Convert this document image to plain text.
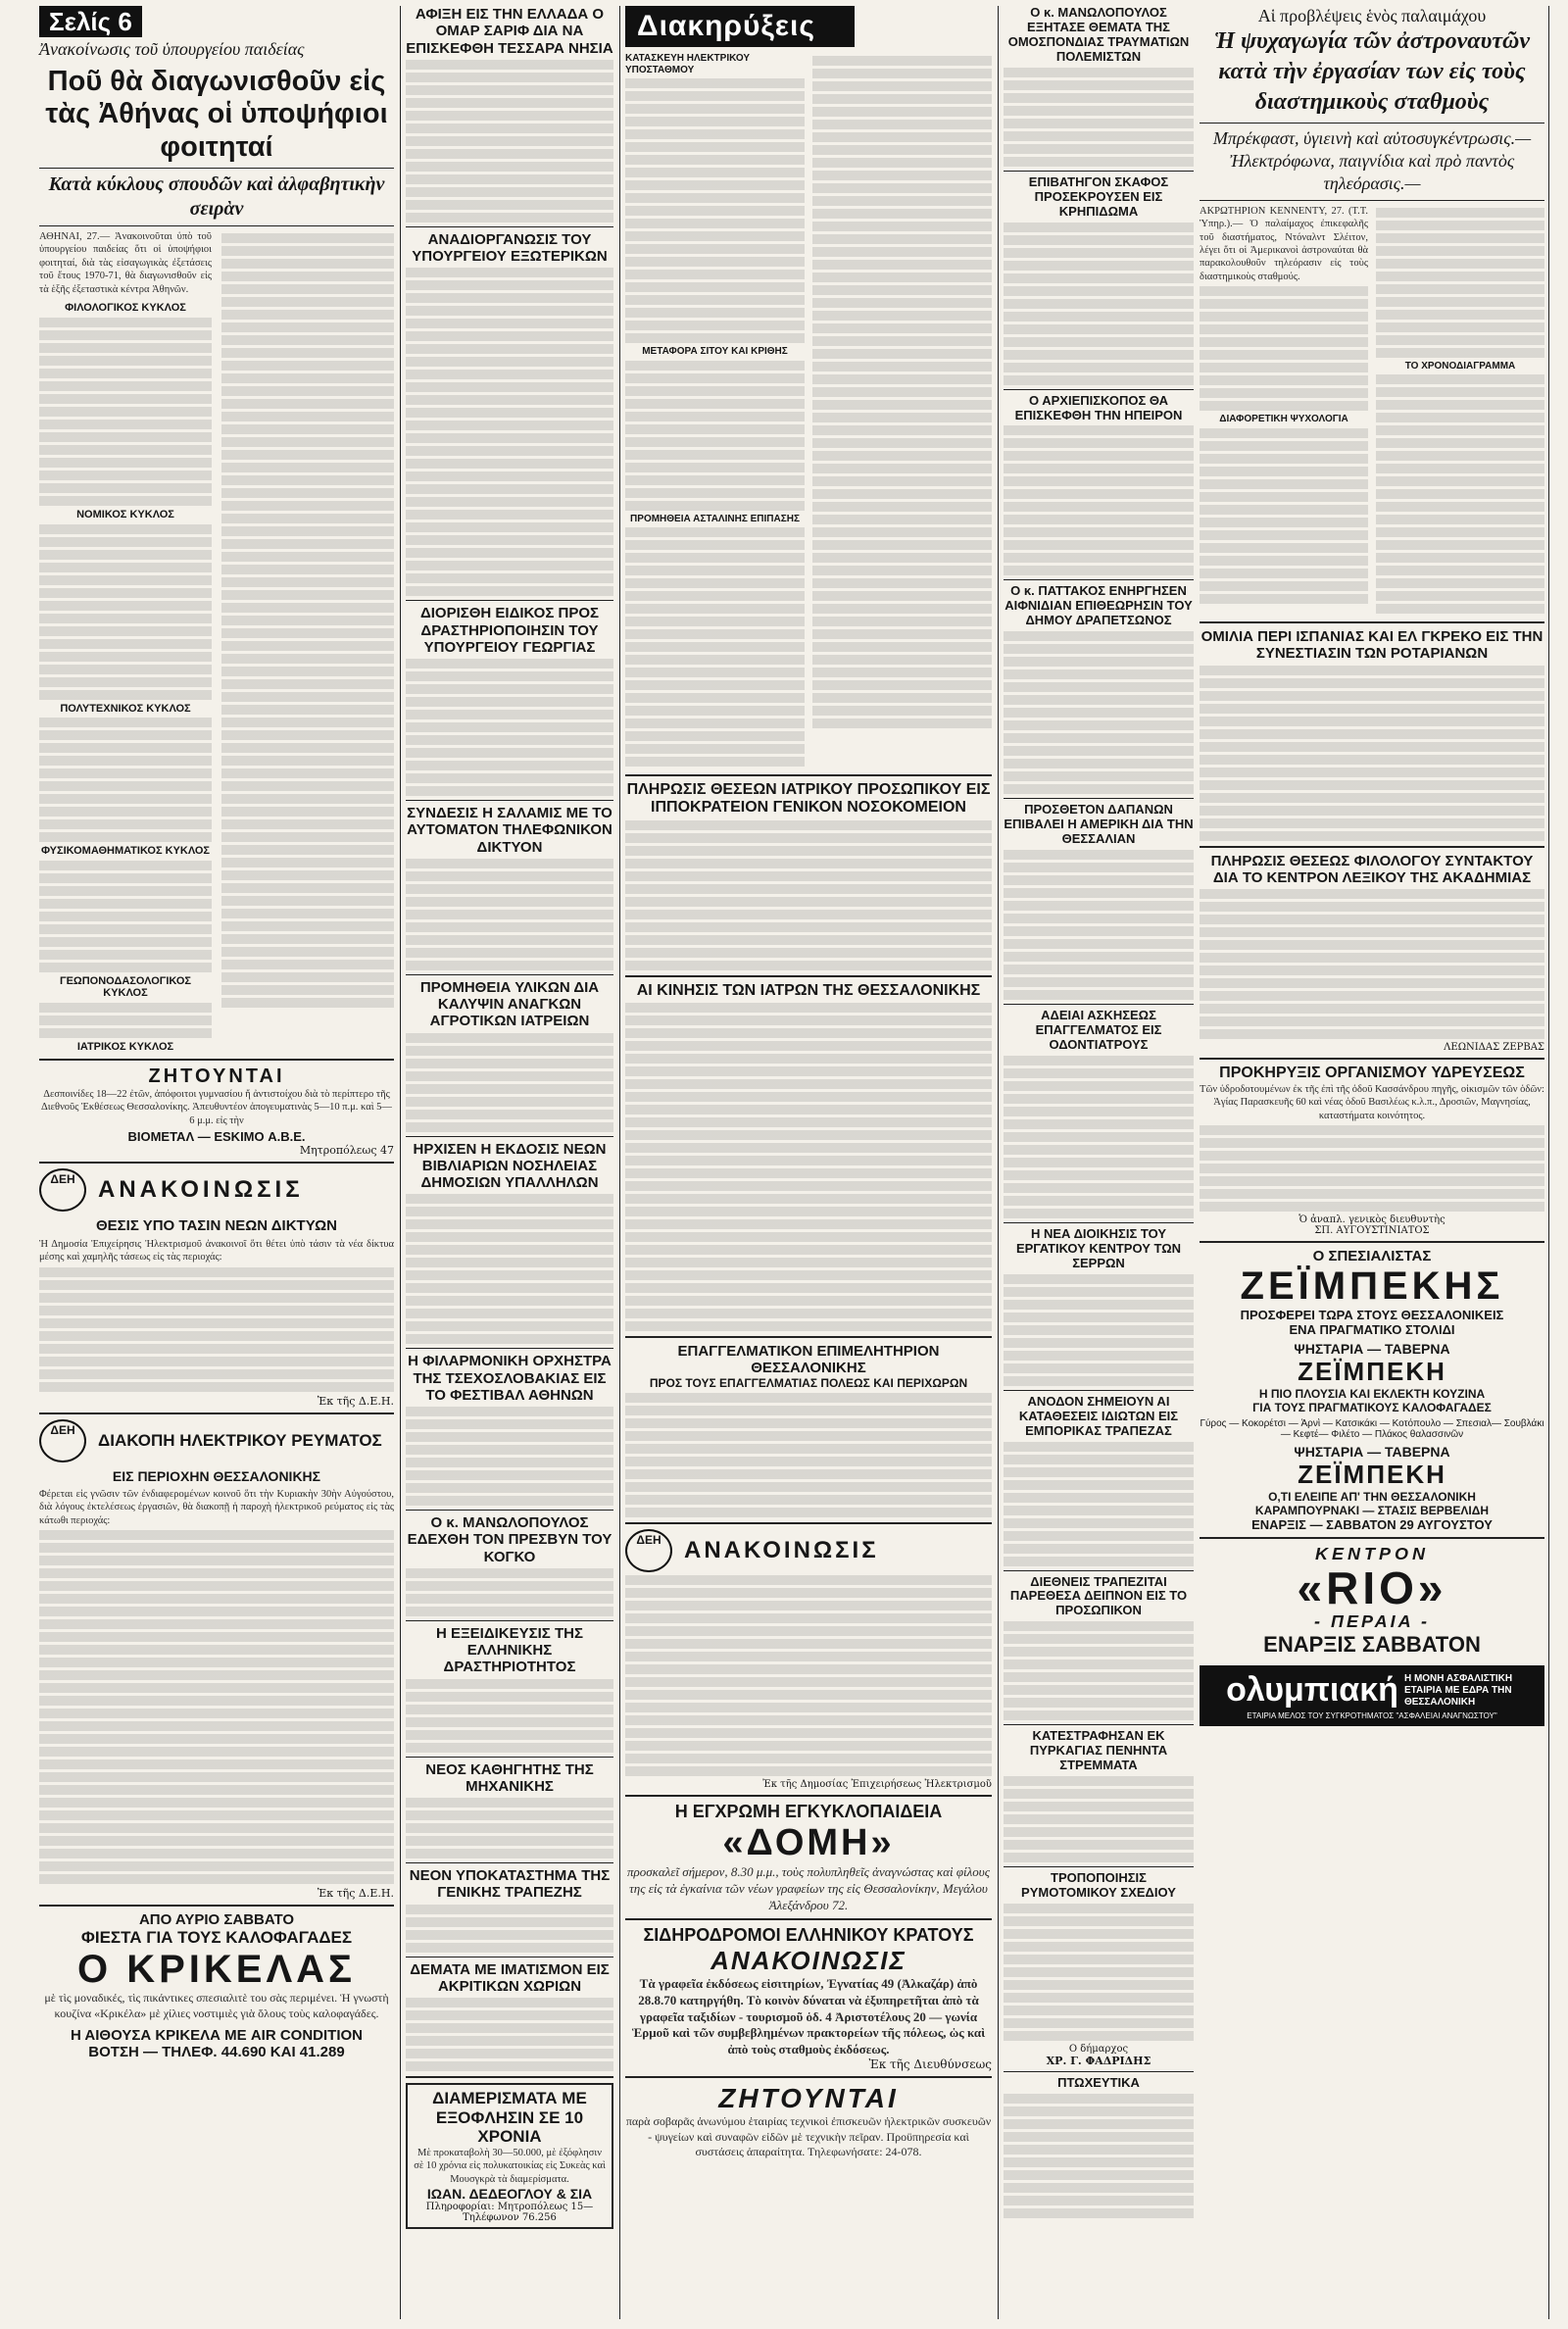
Σελίς 6
Ἀνακοίνωσις τοῦ ὑπουργείου παιδείας
Ποῦ θὰ διαγωνισθοῦν εἰς τὰς Ἀθήνας οἱ ὑποψήφιοι φοιτηταί
Κατὰ κύκλους σπουδῶν καὶ ἀλφαβητικὴν σειρὰν
ΑΘΗΝΑΙ, 27.— Ἀνακοινοῦται ὑπὸ τοῦ ὑπουργείου παιδείας ὅτι οἱ ὑποψήφιοι φοιτηταί, διὰ τὰς εἰσαγωγικὰς ἐξετάσεις τοῦ ἔτους 1970-71, θὰ διαγωνισθοῦν εἰς τὰ ἑξῆς ἐξεταστικὰ κέντρα Ἀθηνῶν.
ΦΙΛΟΛΟΓΙΚΟΣ ΚΥΚΛΟΣ
ΝΟΜΙΚΟΣ ΚΥΚΛΟΣ
ΠΟΛΥΤΕΧΝΙΚΟΣ ΚΥΚΛΟΣ
ΦΥΣΙΚΟΜΑΘΗΜΑΤΙΚΟΣ ΚΥΚΛΟΣ
ΓΕΩΠΟΝΟΔΑΣΟΛΟΓΙΚΟΣ ΚΥΚΛΟΣ
ΙΑΤΡΙΚΟΣ ΚΥΚΛΟΣ
ΖΗΤΟΥΝΤΑΙ
Δεσποινίδες 18—22 ἐτῶν, ἀπόφοιτοι γυμνασίου ἤ ἀντιστοίχου διὰ τὸ περίπτερο τῆς Διεθνοῦς Ἐκθέσεως Θεσσαλονίκης. Ἀπευθυντέον ἀπογευματινὰς 5—10 π.μ. καὶ 5—6 μ.μ. εἰς τὴν
ΒΙΟΜΕΤΑΛ — ΕSKIMO Α.Β.Ε.
Μητροπόλεως 47
ΔΕΗ ΑΝΑΚΟΙΝΩΣΙΣ
ΘΕΣΙΣ ΥΠΟ ΤΑΣΙΝ ΝΕΩΝ ΔΙΚΤΥΩΝ
Ἡ Δημοσία Ἐπιχείρησις Ἠλεκτρισμοῦ ἀνακοινοῖ ὅτι θέτει ὑπὸ τάσιν τὰ νέα δίκτυα μέσης καὶ χαμηλῆς τάσεως εἰς τὰς περιοχάς:
Ἐκ τῆς Δ.Ε.Η.
ΔΕΗ
ΔΙΑΚΟΠΗ ΗΛΕΚΤΡΙΚΟΥ ΡΕΥΜΑΤΟΣ
ΕΙΣ ΠΕΡΙΟΧΗΝ ΘΕΣΣΑΛΟΝΙΚΗΣ
Φέρεται εἰς γνῶσιν τῶν ἐνδιαφερομένων κοινοῦ ὅτι τὴν Κυριακὴν 30ὴν Αὐγούστου, διὰ λόγους ἐκτελέσεως ἐργασιῶν, θὰ διακοπῇ ἡ παροχὴ ἠλεκτρικοῦ ρεύματος εἰς τὰς κάτωθι περιοχάς:
Ἐκ τῆς Δ.Ε.Η.
ΑΠΟ ΑΥΡΙΟ ΣΑΒΒΑΤΟ
ΦΙΕΣΤΑ ΓΙΑ ΤΟΥΣ ΚΑΛΟΦΑΓΑΔΕΣ
Ο ΚΡΙΚΕΛΑΣ
μὲ τὶς μοναδικές, τὶς πικάντικες σπεσιαλιτὲ του σὰς περιμένει. Ἡ γνωστὴ κουζίνα «Κρικέλα» μὲ χίλιες νοστιμιὲς γιὰ ὅλους τοὺς καλοφαγάδες.
Η ΑΙΘΟΥΣΑ ΚΡΙΚΕΛΑ ΜΕ AIR CONDITION
ΒΟΤΣΗ — ΤΗΛΕΦ. 44.690 ΚΑΙ 41.289
ΑΦΙΞΗ ΕΙΣ ΤΗΝ ΕΛΛΑΔΑ Ο ΟΜΑΡ ΣΑΡΙΦ ΔΙΑ ΝΑ ΕΠΙΣΚΕΦΘΗ ΤΕΣΣΑΡΑ ΝΗΣΙΑ
ΑΝΑΔΙΟΡΓΑΝΩΣΙΣ ΤΟΥ ΥΠΟΥΡΓΕΙΟΥ ΕΞΩΤΕΡΙΚΩΝ
ΔΙΟΡΙΣΘΗ ΕΙΔΙΚΟΣ ΠΡΟΣ ΔΡΑΣΤΗΡΙΟΠΟΙΗΣΙΝ ΤΟΥ ΥΠΟΥΡΓΕΙΟΥ ΓΕΩΡΓΙΑΣ
ΣΥΝΔΕΣΙΣ Η ΣΑΛΑΜΙΣ ΜΕ ΤΟ ΑΥΤΟΜΑΤΟΝ ΤΗΛΕΦΩΝΙΚΟΝ ΔΙΚΤΥΟΝ
ΠΡΟΜΗΘΕΙΑ ΥΛΙΚΩΝ ΔΙΑ ΚΑΛΥΨΙΝ ΑΝΑΓΚΩΝ ΑΓΡΟΤΙΚΩΝ ΙΑΤΡΕΙΩΝ
ΗΡΧΙΣΕΝ Η ΕΚΔΟΣΙΣ ΝΕΩΝ ΒΙΒΛΙΑΡΙΩΝ ΝΟΣΗΛΕΙΑΣ ΔΗΜΟΣΙΩΝ ΥΠΑΛΛΗΛΩΝ
Η ΦΙΛΑΡΜΟΝΙΚΗ ΟΡΧΗΣΤΡΑ ΤΗΣ ΤΣΕΧΟΣΛΟΒΑΚΙΑΣ ΕΙΣ ΤΟ ΦΕΣΤΙΒΑΛ ΑΘΗΝΩΝ
Ο κ. ΜΑΝΩΛΟΠΟΥΛΟΣ ΕΔΕΧΘΗ ΤΟΝ ΠΡΕΣΒΥΝ ΤΟΥ ΚΟΓΚΟ
Η ΕΞΕΙΔΙΚΕΥΣΙΣ ΤΗΣ ΕΛΛΗΝΙΚΗΣ ΔΡΑΣΤΗΡΙΟΤΗΤΟΣ
ΝΕΟΣ ΚΑΘΗΓΗΤΗΣ ΤΗΣ ΜΗΧΑΝΙΚΗΣ
ΝΕΟΝ ΥΠΟΚΑΤΑΣΤΗΜΑ ΤΗΣ ΓΕΝΙΚΗΣ ΤΡΑΠΕΖΗΣ
ΔΕΜΑΤΑ ΜΕ ΙΜΑΤΙΣΜΟΝ ΕΙΣ ΑΚΡΙΤΙΚΩΝ ΧΩΡΙΩΝ
ΔΙΑΜΕΡΙΣΜΑΤΑ ΜΕ ΕΞΟΦΛΗΣΙΝ ΣΕ 10 ΧΡΟΝΙΑ
Μὲ προκαταβολὴ 30—50.000, μὲ ἐξόφλησιν σὲ 10 χρόνια εἰς πολυκατοικίας εἰς Συκεὰς καὶ Μουσγκρὰ τὰ διαμερίσματα.
ΙΩΑΝ. ΔΕΔΕΟΓΛΟΥ & ΣΙΑ
Πληροφορίαι: Μητροπόλεως 15—Τηλέφωνον 76.256
Διακηρύξεις
ΚΑΤΑΣΚΕΥΗ ΗΛΕΚΤΡΙΚΟΥ ΥΠΟΣΤΑΘΜΟΥ
ΜΕΤΑΦΟΡΑ ΣΙΤΟΥ ΚΑΙ ΚΡΙΘΗΣ
ΠΡΟΜΗΘΕΙΑ ΑΣΤΑΛΙΝΗΣ ΕΠΙΠΑΣΗΣ
ΠΛΗΡΩΣΙΣ ΘΕΣΕΩΝ ΙΑΤΡΙΚΟΥ ΠΡΟΣΩΠΙΚΟΥ ΕΙΣ ΙΠΠΟΚΡΑΤΕΙΟΝ ΓΕΝΙΚΟΝ ΝΟΣΟΚΟΜΕΙΟΝ
ΑΙ ΚΙΝΗΣΙΣ ΤΩΝ ΙΑΤΡΩΝ ΤΗΣ ΘΕΣΣΑΛΟΝΙΚΗΣ
ΕΠΑΓΓΕΛΜΑΤΙΚΟΝ ΕΠΙΜΕΛΗΤΗΡΙΟΝ ΘΕΣΣΑΛΟΝΙΚΗΣ
ΠΡΟΣ ΤΟΥΣ ΕΠΑΓΓΕΛΜΑΤΙΑΣ ΠΟΛΕΩΣ ΚΑΙ ΠΕΡΙΧΩΡΩΝ
ΔΕΗ ΑΝΑΚΟΙΝΩΣΙΣ
Ἐκ τῆς Δημοσίας Ἐπιχειρήσεως Ἠλεκτρισμοῦ
Η ΕΓΧΡΩΜΗ ΕΓΚΥΚΛΟΠΑΙΔΕΙΑ
«ΔΟΜΗ»
προσκαλεῖ σήμερον, 8.30 μ.μ., τοὺς πολυπληθεῖς ἀναγνώστας καὶ φίλους της εἰς τὰ ἐγκαίνια τῶν νέων γραφείων της εἰς Θεσσαλονίκην, Μεγάλου Ἀλεξάνδρου 72.
ΣΙΔΗΡΟΔΡΟΜΟΙ ΕΛΛΗΝΙΚΟΥ ΚΡΑΤΟΥΣ
ΑΝΑΚΟΙΝΩΣΙΣ
Τὰ γραφεῖα ἐκδόσεως εἰσιτηρίων, Ἐγνατίας 49 (Ἀλκαζάρ) ἀπὸ 28.8.70 κατηργήθη. Τὸ κοινὸν δύναται νὰ ἐξυπηρετῆται ἀπὸ τὰ γραφεῖα ταξιδίων - τουρισμοῦ ὁδ. 4 Ἀριστοτέλους 20 — γωνία Ἑρμοῦ καὶ τῶν συμβεβλημένων πρακτορείων τῆς πόλεως, ὡς καὶ ἀπὸ τοὺς σταθμοὺς ἐκδόσεως.
Ἐκ τῆς Διευθύνσεως
ΖΗΤΟΥΝΤΑΙ
παρὰ σοβαρᾶς ἀνωνύμου ἑταιρίας τεχνικοὶ ἐπισκευῶν ἠλεκτρικῶν συσκευῶν - ψυγείων καὶ συναφῶν εἰδῶν μὲ τεχνικὴν πεῖραν. Προϋπηρεσία καὶ συστάσεις ἀπαραίτητα. Τηλεφωνήσατε: 24-078.
Ο κ. ΜΑΝΩΛΟΠΟΥΛΟΣ ΕΞΗΤΑΣΕ ΘΕΜΑΤΑ ΤΗΣ ΟΜΟΣΠΟΝΔΙΑΣ ΤΡΑΥΜΑΤΙΩΝ ΠΟΛΕΜΙΣΤΩΝ
ΕΠΙΒΑΤΗΓΟΝ ΣΚΑΦΟΣ ΠΡΟΣΕΚΡΟΥΣΕΝ ΕΙΣ ΚΡΗΠΙΔΩΜΑ
Ο ΑΡΧΙΕΠΙΣΚΟΠΟΣ ΘΑ ΕΠΙΣΚΕΦΘΗ ΤΗΝ ΗΠΕΙΡΟΝ
Ο κ. ΠΑΤΤΑΚΟΣ ΕΝΗΡΓΗΣΕΝ ΑΙΦΝΙΔΙΑΝ ΕΠΙΘΕΩΡΗΣΙΝ ΤΟΥ ΔΗΜΟΥ ΔΡΑΠΕΤΣΩΝΟΣ
ΠΡΟΣΘΕΤΟΝ ΔΑΠΑΝΩΝ ΕΠΙΒΑΛΕΙ Η ΑΜΕΡΙΚΗ ΔΙΑ ΤΗΝ ΘΕΣΣΑΛΙΑΝ
ΑΔΕΙΑΙ ΑΣΚΗΣΕΩΣ ΕΠΑΓΓΕΛΜΑΤΟΣ ΕΙΣ ΟΔΟΝΤΙΑΤΡΟΥΣ
Η ΝΕΑ ΔΙΟΙΚΗΣΙΣ ΤΟΥ ΕΡΓΑΤΙΚΟΥ ΚΕΝΤΡΟΥ ΤΩΝ ΣΕΡΡΩΝ
ΑΝΟΔΟΝ ΣΗΜΕΙΟΥΝ ΑΙ ΚΑΤΑΘΕΣΕΙΣ ΙΔΙΩΤΩΝ ΕΙΣ ΕΜΠΟΡΙΚΑΣ ΤΡΑΠΕΖΑΣ
ΔΙΕΘΝΕΙΣ ΤΡΑΠΕΖΙΤΑΙ ΠΑΡΕΘΕΣΑ ΔΕΙΠΝΟΝ ΕΙΣ ΤΟ ΠΡΟΣΩΠΙΚΟΝ
ΚΑΤΕΣΤΡΑΦΗΣΑΝ ΕΚ ΠΥΡΚΑΓΙΑΣ ΠΕΝΗΝΤΑ ΣΤΡΕΜΜΑΤΑ
ΤΡΟΠΟΠΟΙΗΣΙΣ ΡΥΜΟΤΟΜΙΚΟΥ ΣΧΕΔΙΟΥ
Ο δήμαρχος
ΧΡ. Γ. ΦΑΔΡΙΔΗΣ
ΠΤΩΧΕΥΤΙΚΑ
Αἱ προβλέψεις ἑνὸς παλαιμάχου
Ἡ ψυχαγωγία τῶν ἀστροναυτῶν κατὰ τὴν ἐργασίαν των εἰς τοὺς διαστημικοὺς σταθμοὺς
Μπρέκφαστ, ὑγιεινὴ καὶ αὐτοσυγκέντρωσις.— Ἠλεκτρόφωνα, παιγνίδια καὶ πρὸ παντὸς τηλεόρασις.—
ΑΚΡΩΤΗΡΙΟΝ ΚΕΝΝΕΝΤΥ, 27. (Τ.Τ. Ὑπηρ.).— Ὁ παλαίμαχος ἐπικεφαλῆς τοῦ διαστήματος, Ντόναλντ Σλέιτον, λέγει ὅτι οἱ Ἀμερικανοὶ ἀστροναύται θὰ παρακολουθοῦν τηλεόρασιν εἰς τοὺς διαστημικοὺς σταθμούς.
ΔΙΑΦΟΡΕΤΙΚΗ ΨΥΧΟΛΟΓΙΑ
ΤΟ ΧΡΟΝΟΔΙΑΓΡΑΜΜΑ
ΟΜΙΛΙΑ ΠΕΡΙ ΙΣΠΑΝΙΑΣ ΚΑΙ ΕΛ ΓΚΡΕΚΟ ΕΙΣ ΤΗΝ ΣΥΝΕΣΤΙΑΣΙΝ ΤΩΝ ΡΟΤΑΡΙΑΝΩΝ
ΠΛΗΡΩΣΙΣ ΘΕΣΕΩΣ ΦΙΛΟΛΟΓΟΥ ΣΥΝΤΑΚΤΟΥ ΔΙΑ ΤΟ ΚΕΝΤΡΟΝ ΛΕΞΙΚΟΥ ΤΗΣ ΑΚΑΔΗΜΙΑΣ
ΛΕΩΝΙΔΑΣ ΖΕΡΒΑΣ
ΠΡΟΚΗΡΥΞΙΣ ΟΡΓΑΝΙΣΜΟΥ ΥΔΡΕΥΣΕΩΣ
Τῶν ὑδροδοτουμένων ἐκ τῆς ἐπὶ τῆς ὁδοῦ Κασσάνδρου πηγῆς, οἰκισμῶν τῶν ὁδῶν: Ἁγίας Παρασκευῆς 60 καὶ νέας ὁδοῦ Βασιλέως κ.λ.π., Δροσιῶν, Μαγνησίας, καταστήματα κοινότητος.
Ὁ ἀναπλ. γενικὸς διευθυντὴς
ΣΠ. ΑΥΓΟΥΣΤΙΝΙΑΤΟΣ
Ο ΣΠΕΣΙΑΛΙΣΤΑΣ
ΖΕΪΜΠΕΚΗΣ
ΠΡΟΣΦΕΡΕΙ ΤΩΡΑ ΣΤΟΥΣ ΘΕΣΣΑΛΟΝΙΚΕΙΣ
ΕΝΑ ΠΡΑΓΜΑΤΙΚΟ ΣΤΟΛΙΔΙ
ΨΗΣΤΑΡΙΑ — ΤΑΒΕΡΝΑ
ΖΕΪΜΠΕΚΗ
Η ΠΙΟ ΠΛΟΥΣΙΑ ΚΑΙ ΕΚΛΕΚΤΗ ΚΟΥΖΙΝΑ
ΓΙΑ ΤΟΥΣ ΠΡΑΓΜΑΤΙΚΟΥΣ ΚΑΛΟΦΑΓΑΔΕΣ
Γύρος — Κοκορέτσι — Ἀρνὶ — Κατσικάκι — Κοτόπουλο — Σπεσιαλ— Σουβλάκι— Κεφτέ— Φιλέτο — Πλάκος θαλασσινῶν
ΨΗΣΤΑΡΙΑ — ΤΑΒΕΡΝΑ
ΖΕΪΜΠΕΚΗ
Ο,ΤΙ ΕΛΕΙΠΕ ΑΠ' ΤΗΝ ΘΕΣΣΑΛΟΝΙΚΗ
ΚΑΡΑΜΠΟΥΡΝΑΚΙ — ΣΤΑΣΙΣ ΒΕΡΒΕΛΙΔΗ
ΕΝΑΡΞΙΣ — ΣΑΒΒΑΤΟΝ 29 ΑΥΓΟΥΣΤΟΥ
ΚΕΝΤΡΟΝ
«RIO»
- ΠΕΡΑΙΑ -
ΕΝΑΡΞΙΣ ΣΑΒΒΑΤΟΝ
ολυμπιακή Η ΜΟΝΗ ΑΣΦΑΛΙΣΤΙΚΗ ΕΤΑΙΡΙΑ ΜΕ ΕΔΡΑ ΤΗΝ ΘΕΣΣΑΛΟΝΙΚΗ
ΕΤΑΙΡΙΑ ΜΕΛΟΣ ΤΟΥ ΣΥΓΚΡΟΤΗΜΑΤΟΣ "ΑΣΦΑΛΕΙΑΙ ΑΝΑΓΝΩΣΤΟΥ"
